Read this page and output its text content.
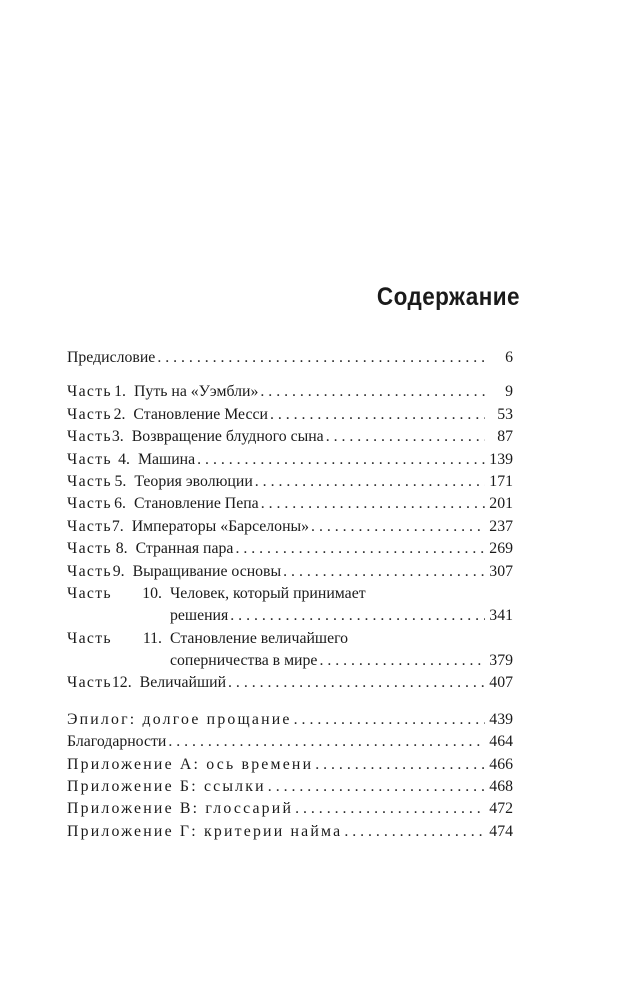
Содержание
Предисловие . . .	6
Часть 1. Путь на «Уэмбли» . . .	9
Часть 2. Становление Месси . . .	53
Часть 3. Возвращение блудного сына . . .	87
Часть 4. Машина . . .	139
Часть 5. Теория эволюции . . .	171
Часть 6. Становление Пепа . . .	201
Часть 7. Императоры «Барселоны» . . .	237
Часть 8. Странная пара . . .	269
Часть 9. Выращивание основы . . .	307
Часть	10. Человек, который принимает
решения . . .	341
Часть	11. Становление величайшего
соперничества в мире . . .	379
Часть 12. Величайший . . .	407
Эпилог: долгое прощание . . .	439
Благодарности . . .	464
Приложение А: ось времени . . .	466
Приложение Б: ссылки . . .	468
Приложение В: глоссарий . . .	472
Приложение Г: критерии найма . . .	474
